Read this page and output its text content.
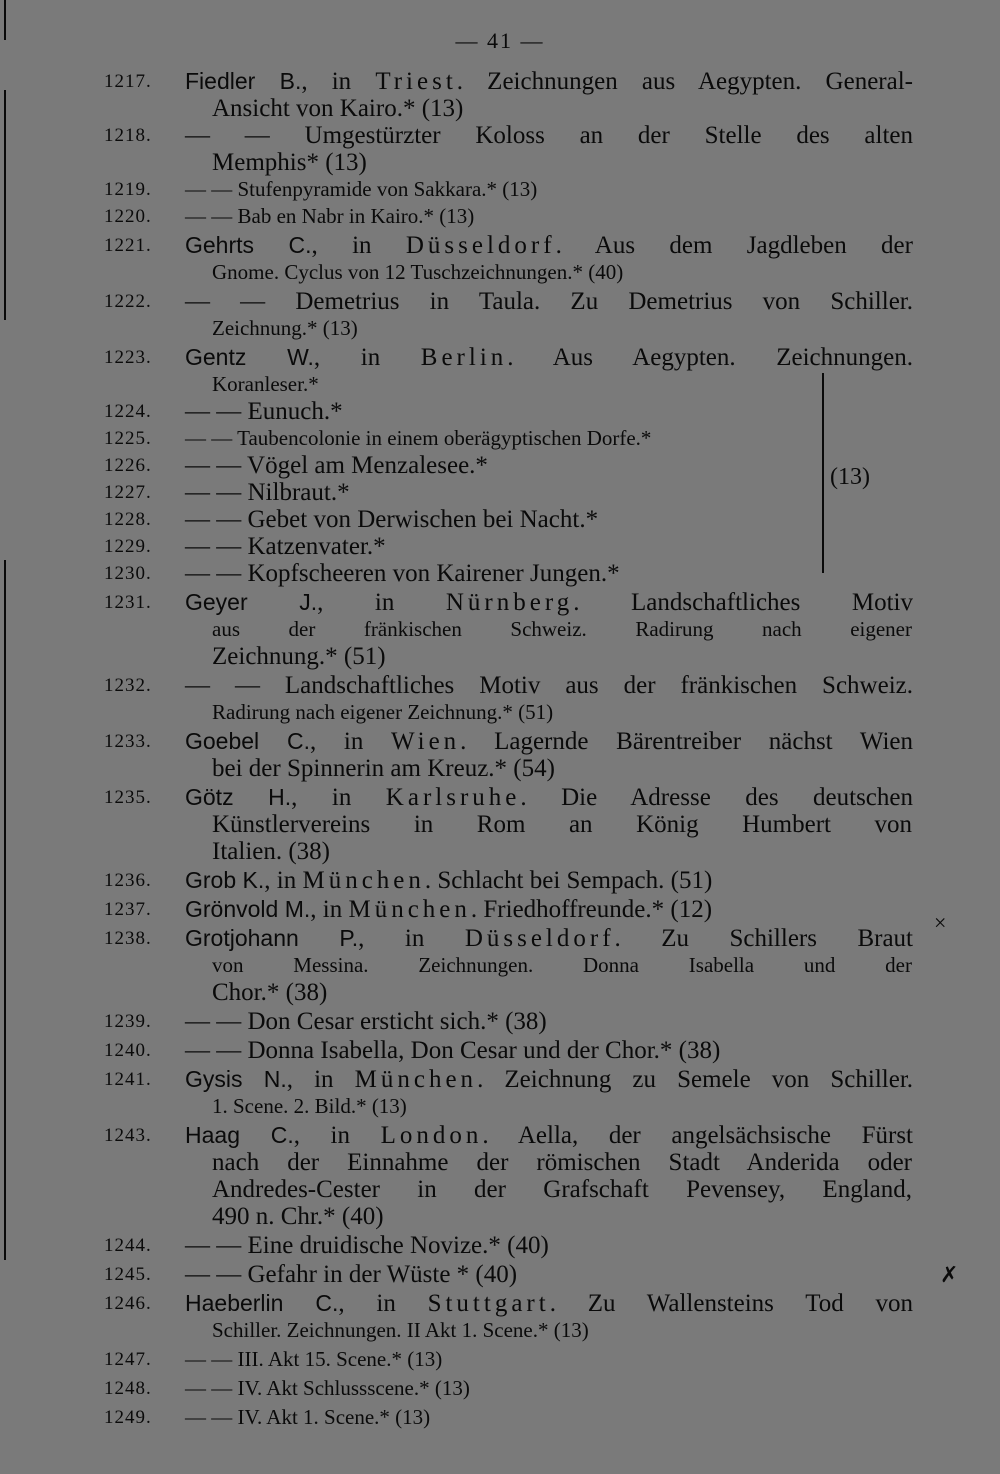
— 41 —
1217.	Fiedler B., in Triest. Zeichnungen aus Aegypten. General-
Ansicht von Kairo.* (13)
1218.	— — Umgestürzter Koloss an der Stelle des alten
Memphis* (13)
1219.	— — Stufenpyramide von Sakkara.* (13)
1220.	— — Bab en Nabr in Kairo.* (13)
1221.	Gehrts C., in Düsseldorf. Aus dem Jagdleben der
Gnome. Cyclus von 12 Tuschzeichnungen.* (40)
1222.	— — Demetrius in Taula. Zu Demetrius von Schiller.
Zeichnung.* (13)
1223.	Gentz W., in Berlin. Aus Aegypten. Zeichnungen.
Koranleser.*
1224.	— — Eunuch.*
1225.	— — Taubencolonie in einem oberägyptischen Dorfe.*
1226.	— — Vögel am Menzalesee.*
1227.	— — Nilbraut.*
1228.	— — Gebet von Derwischen bei Nacht.*
1229.	— — Katzenvater.*
1230.	— — Kopfscheeren von Kairener Jungen.*
1231.	Geyer J., in Nürnberg. Landschaftliches Motiv
aus der fränkischen Schweiz. Radirung nach eigener
Zeichnung.* (51)
1232.	— — Landschaftliches Motiv aus der fränkischen Schweiz.
Radirung nach eigener Zeichnung.* (51)
1233.	Goebel C., in Wien. Lagernde Bärentreiber nächst Wien
bei der Spinnerin am Kreuz.* (54)
1235.	Götz H., in Karlsruhe. Die Adresse des deutschen
Künstlervereins in Rom an König Humbert von
Italien. (38)
1236.	Grob K., in München. Schlacht bei Sempach. (51)
1237.	Grönvold M., in München. Friedhoffreunde.* (12)
1238.	Grotjohann P., in Düsseldorf. Zu Schillers Braut
von Messina. Zeichnungen. Donna Isabella und der
Chor.* (38)
1239.	— — Don Cesar ersticht sich.* (38)
1240.	— — Donna Isabella, Don Cesar und der Chor.* (38)
1241.	Gysis N., in München. Zeichnung zu Semele von Schiller.
1. Scene. 2. Bild.* (13)
1243.	Haag C., in London. Aella, der angelsächsische Fürst
nach der Einnahme der römischen Stadt Anderida oder
Andredes-Cester in der Grafschaft Pevensey, England,
490 n. Chr.* (40)
1244.	— — Eine druidische Novize.* (40)
1245.	— — Gefahr in der Wüste * (40)
1246.	Haeberlin C., in Stuttgart. Zu Wallensteins Tod von
Schiller. Zeichnungen. II Akt 1. Scene.* (13)
1247.	— — III. Akt 15. Scene.* (13)
1248.	— — IV. Akt Schlussscene.* (13)
1249.	— — IV. Akt 1. Scene.* (13)
(13)
×
✗
